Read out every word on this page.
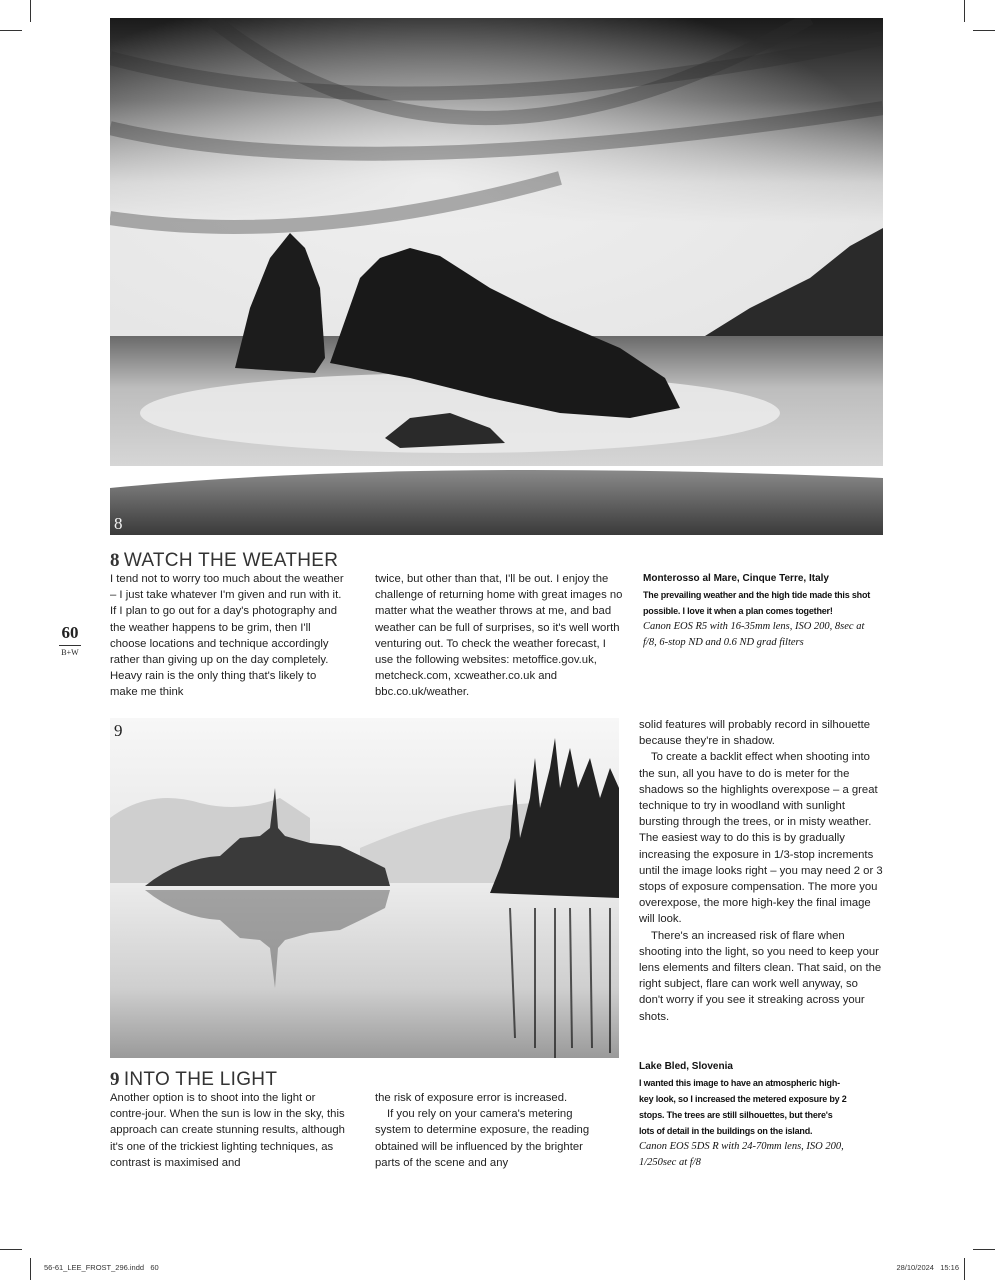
8
8 WATCH THE WEATHER

I tend not to worry too much about the weather – I just take whatever I'm given and run with it. If I plan to go out for a day's photography and the weather happens to be grim, then I'll choose locations and technique accordingly rather than giving up on the day completely. Heavy rain is the only thing that's likely to make me think

twice, but other than that, I'll be out. I enjoy the challenge of returning home with great images no matter what the weather throws at me, and bad weather can be full of surprises, so it's well worth venturing out. To check the weather forecast, I use the following websites: metoffice.gov.uk, metcheck.com, xcweather.co.uk and bbc.co.uk/weather.

Monterosso al Mare, Cinque Terre, Italy
The prevailing weather and the high tide made this shot possible. I love it when a plan comes together!
Canon EOS R5 with 16-35mm lens, ISO 200, 8sec at f/8, 6-stop ND and 0.6 ND grad filters
60
B+W
9	solid features will probably record in silhouette because they're in shadow.

To create a backlit effect when shooting into the sun, all you have to do is meter for the shadows so the highlights overexpose – a great technique to try in woodland with sunlight bursting through the trees, or in misty weather. The easiest way to do this is by gradually increasing the exposure in 1/3-stop increments until the image looks right – you may need 2 or 3 stops of exposure compensation. The more you overexpose, the more high-key the final image will look.

There's an increased risk of flare when shooting into the light, so you need to keep your lens elements and filters clean. That said, on the right subject, flare can work well anyway, so don't worry if you see it streaking across your shots.

Lake Bled, Slovenia
I wanted this image to have an atmospheric high-key look, so I increased the metered exposure by 2 stops. The trees are still silhouettes, but there's lots of detail in the buildings on the island.
Canon EOS 5DS R with 24-70mm lens, ISO 200, 1/250sec at f/8
9 INTO THE LIGHT

Another option is to shoot into the light or contre-jour. When the sun is low in the sky, this approach can create stunning results, although it's one of the trickiest lighting techniques, as contrast is maximised and

the risk of exposure error is increased.

If you rely on your camera's metering system to determine exposure, the reading obtained will be influenced by the brighter parts of the scene and any

56-61_LEE_FROST_296.indd   60	28/10/2024   15:16
